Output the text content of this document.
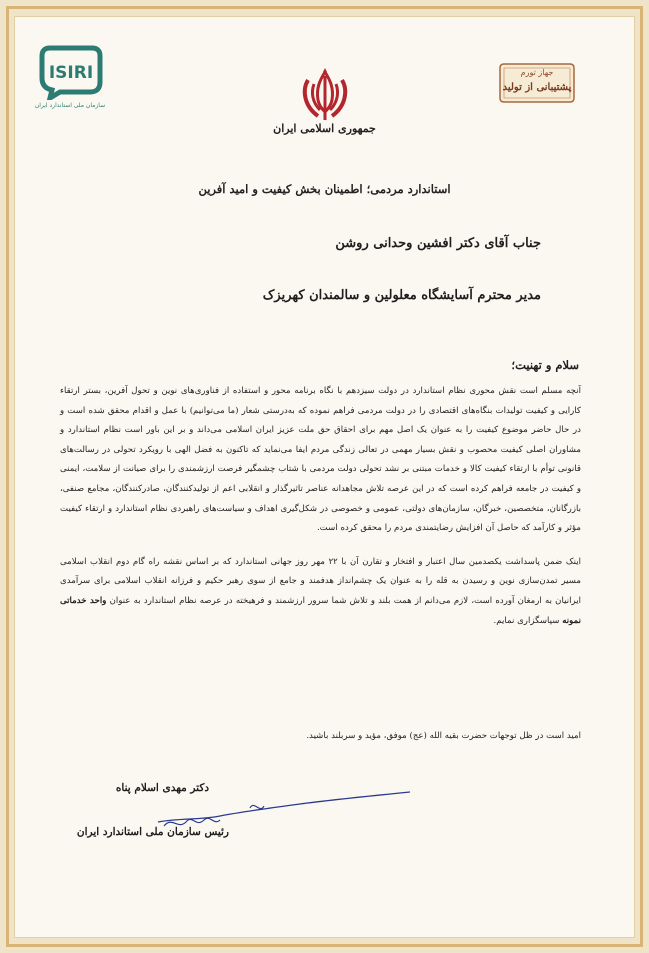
ISIRI
سازمان ملی استاندارد ایران
جمهوری اسلامی ایران
جهاز تورم
پشتیبانی از تولید
استاندارد مردمی؛ اطمینان بخش کیفیت و امید آفرین
جناب آقای دکتر افشین وحدانی روشن
مدیر محترم آسایشگاه معلولین و سالمندان کهریزک
سلام و تهنیت؛

آنچه مسلم است نقش محوری نظام استاندارد در دولت سیزدهم با نگاه برنامه محور و استفاده از فناوری‌های نوین و تحول آفرین، بستر ارتقاء کارایی و کیفیت تولیدات بنگاه‌های اقتصادی را در دولت مردمی فراهم نموده که به‌درستی شعار (ما می‌توانیم) با عمل و اقدام محقق شده است و در حال حاضر موضوع کیفیت را به عنوان یک اصل مهم برای احقاق حق ملت عزیز ایران اسلامی می‌داند و بر این باور است نظام استاندارد و مشاوران اصلی کیفیت محصوب و نقش بسیار مهمی در تعالی زندگی مردم ایفا می‌نماید که تاکنون به فضل الهی با رویکرد تحولی در رسالت‌های قانونی توأم با ارتقاء کیفیت کالا و خدمات مبتنی بر نشد تحولی دولت مردمی با شتاب چشمگیر فرصت ارزشمندی را برای صیانت از سلامت، ایمنی و کیفیت در جامعه فراهم کرده است که در این عرصه تلاش مجاهدانه عناصر تاثیرگذار و انقلابی اعم از تولیدکنندگان، صادرکنندگان، مجامع صنفی، بازرگانان، متخصصین، خبرگان، سازمان‌های دولتی، عمومی و خصوصی در شکل‌گیری اهداف و سیاست‌های راهبردی نظام استاندارد و ارتقاء کیفیت مؤثر و کارآمد که حاصل آن افزایش رضایتمندی مردم را محقق کرده است.

اینک ضمن پاسداشت یکصدمین سال اعتبار و افتخار و تقارن آن با ۲۲ مهر روز جهانی استاندارد که بر اساس نقشه راه گام دوم انقلاب اسلامی مسیر تمدن‌سازی نوین و رسیدن به قله را به عنوان یک چشم‌انداز هدفمند و جامع از سوی رهبر حکیم و فرزانه انقلاب اسلامی برای سرآمدی ایرانیان به ارمغان آورده است، لازم می‌دانم از همت بلند و تلاش شما سرور ارزشمند و فرهیخته در عرصه نظام استاندارد به عنوان واحد خدماتی نمونه سپاسگزاری نمایم.

امید است در ظل توجهات حضرت بقیه الله (عج) موفق، مؤید و سربلند باشید.
دکتر مهدی اسلام پناه
رئیس سازمان ملی استاندارد ایران
